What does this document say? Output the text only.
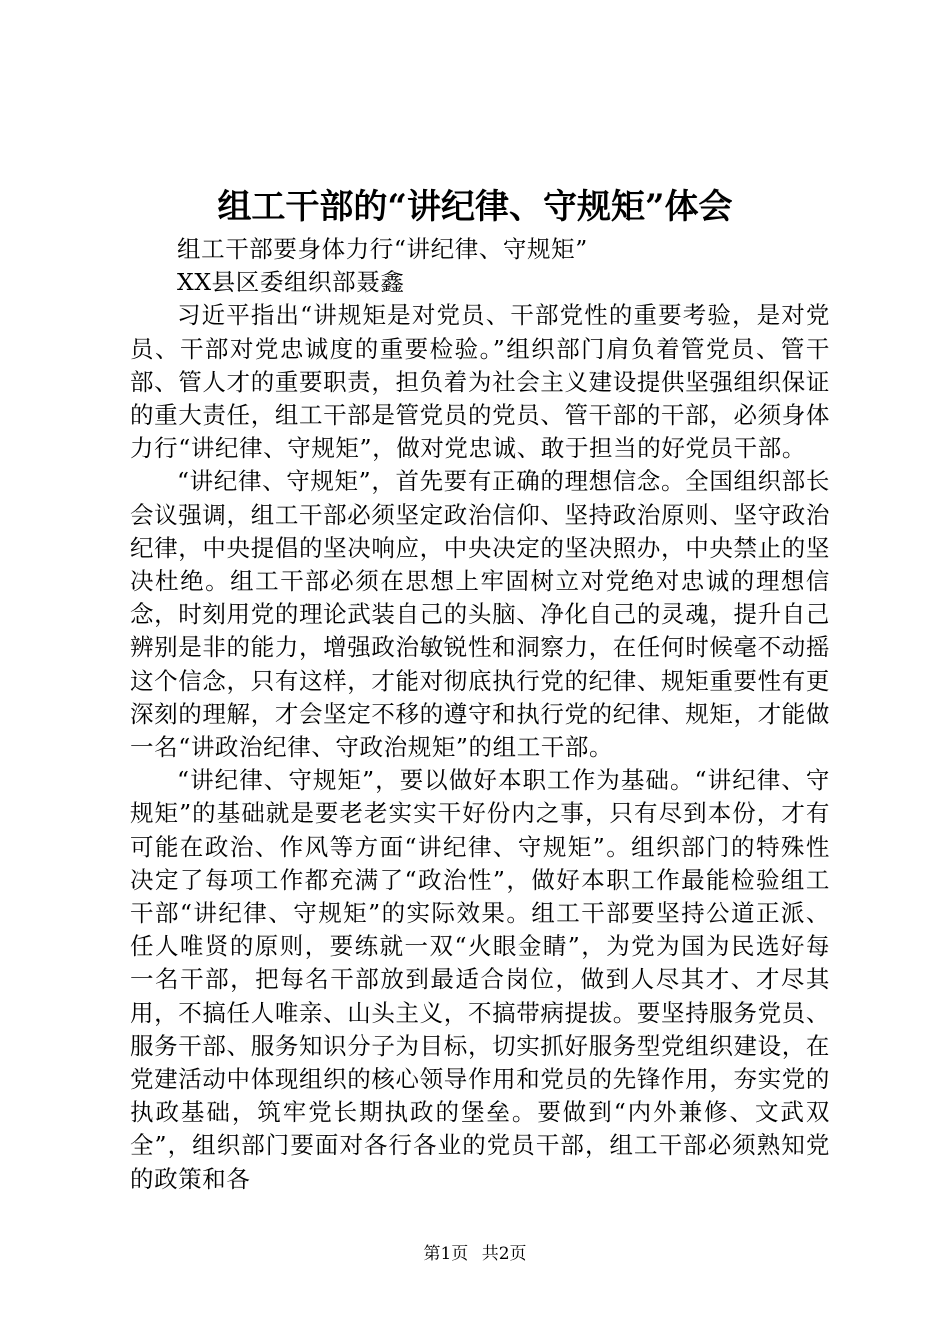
组工干部的“讲纪律、守规矩”体会

组工干部要身体力行“讲纪律、守规矩”

XX县区委组织部聂鑫

习近平指出“讲规矩是对党员、干部党性的重要考验，是对党员、干部对党忠诚度的重要检验。”组织部门肩负着管党员、管干部、管人才的重要职责，担负着为社会主义建设提供坚强组织保证的重大责任，组工干部是管党员的党员、管干部的干部，必须身体力行“讲纪律、守规矩”，做对党忠诚、敢于担当的好党员干部。

“讲纪律、守规矩”，首先要有正确的理想信念。全国组织部长会议强调，组工干部必须坚定政治信仰、坚持政治原则、坚守政治纪律，中央提倡的坚决响应，中央决定的坚决照办，中央禁止的坚决杜绝。组工干部必须在思想上牢固树立对党绝对忠诚的理想信念，时刻用党的理论武装自己的头脑、净化自己的灵魂，提升自己辨别是非的能力，增强政治敏锐性和洞察力，在任何时候毫不动摇这个信念，只有这样，才能对彻底执行党的纪律、规矩重要性有更深刻的理解，才会坚定不移的遵守和执行党的纪律、规矩，才能做一名“讲政治纪律、守政治规矩”的组工干部。

“讲纪律、守规矩”，要以做好本职工作为基础。“讲纪律、守规矩”的基础就是要老老实实干好份内之事，只有尽到本份，才有可能在政治、作风等方面“讲纪律、守规矩”。组织部门的特殊性决定了每项工作都充满了“政治性”，做好本职工作最能检验组工干部“讲纪律、守规矩”的实际效果。组工干部要坚持公道正派、任人唯贤的原则，要练就一双“火眼金睛”，为党为国为民选好每一名干部，把每名干部放到最适合岗位，做到人尽其才、才尽其用，不搞任人唯亲、山头主义，不搞带病提拔。要坚持服务党员、服务干部、服务知识分子为目标，切实抓好服务型党组织建设，在党建活动中体现组织的核心领导作用和党员的先锋作用，夯实党的执政基础，筑牢党长期执政的堡垒。要做到“内外兼修、文武双全”，组织部门要面对各行各业的党员干部，组工干部必须熟知党的政策和各

第1页 共2页
